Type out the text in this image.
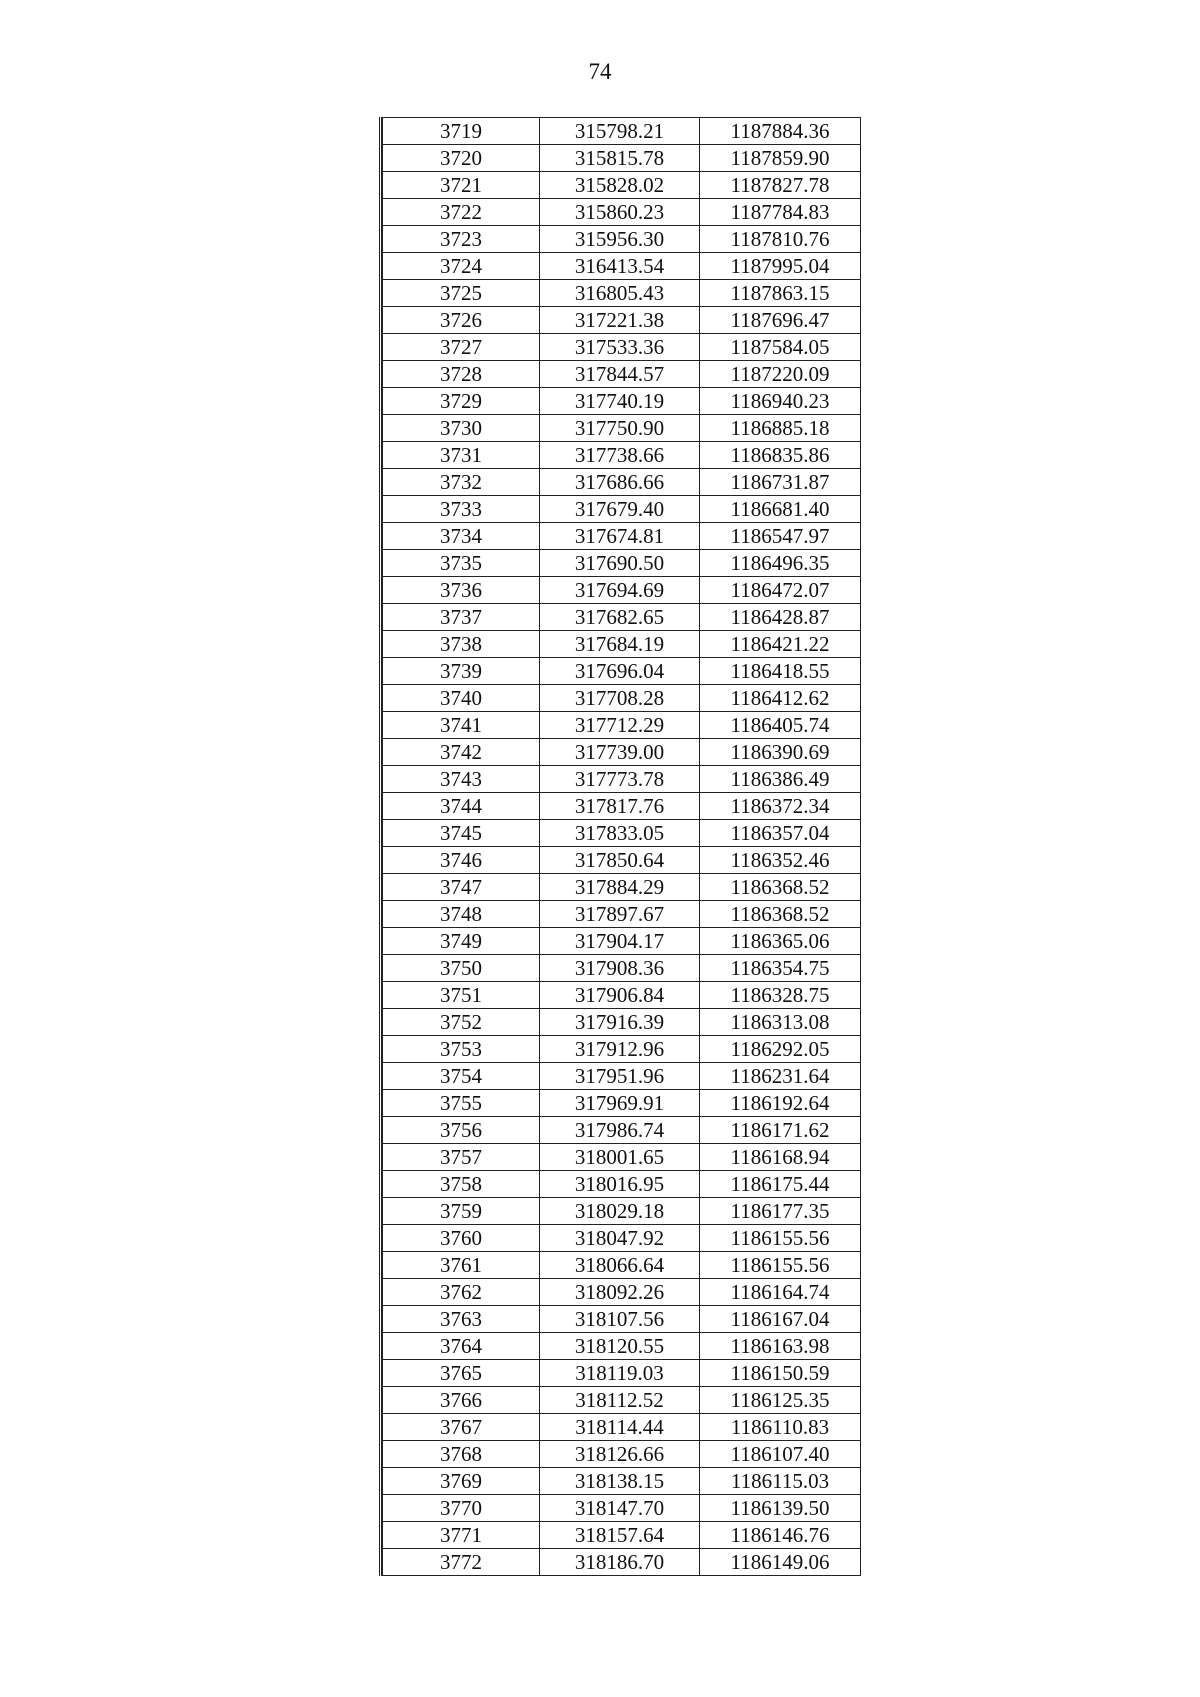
74
3719	315798.21	1187884.36
3720	315815.78	1187859.90
3721	315828.02	1187827.78
3722	315860.23	1187784.83
3723	315956.30	1187810.76
3724	316413.54	1187995.04
3725	316805.43	1187863.15
3726	317221.38	1187696.47
3727	317533.36	1187584.05
3728	317844.57	1187220.09
3729	317740.19	1186940.23
3730	317750.90	1186885.18
3731	317738.66	1186835.86
3732	317686.66	1186731.87
3733	317679.40	1186681.40
3734	317674.81	1186547.97
3735	317690.50	1186496.35
3736	317694.69	1186472.07
3737	317682.65	1186428.87
3738	317684.19	1186421.22
3739	317696.04	1186418.55
3740	317708.28	1186412.62
3741	317712.29	1186405.74
3742	317739.00	1186390.69
3743	317773.78	1186386.49
3744	317817.76	1186372.34
3745	317833.05	1186357.04
3746	317850.64	1186352.46
3747	317884.29	1186368.52
3748	317897.67	1186368.52
3749	317904.17	1186365.06
3750	317908.36	1186354.75
3751	317906.84	1186328.75
3752	317916.39	1186313.08
3753	317912.96	1186292.05
3754	317951.96	1186231.64
3755	317969.91	1186192.64
3756	317986.74	1186171.62
3757	318001.65	1186168.94
3758	318016.95	1186175.44
3759	318029.18	1186177.35
3760	318047.92	1186155.56
3761	318066.64	1186155.56
3762	318092.26	1186164.74
3763	318107.56	1186167.04
3764	318120.55	1186163.98
3765	318119.03	1186150.59
3766	318112.52	1186125.35
3767	318114.44	1186110.83
3768	318126.66	1186107.40
3769	318138.15	1186115.03
3770	318147.70	1186139.50
3771	318157.64	1186146.76
3772	318186.70	1186149.06
